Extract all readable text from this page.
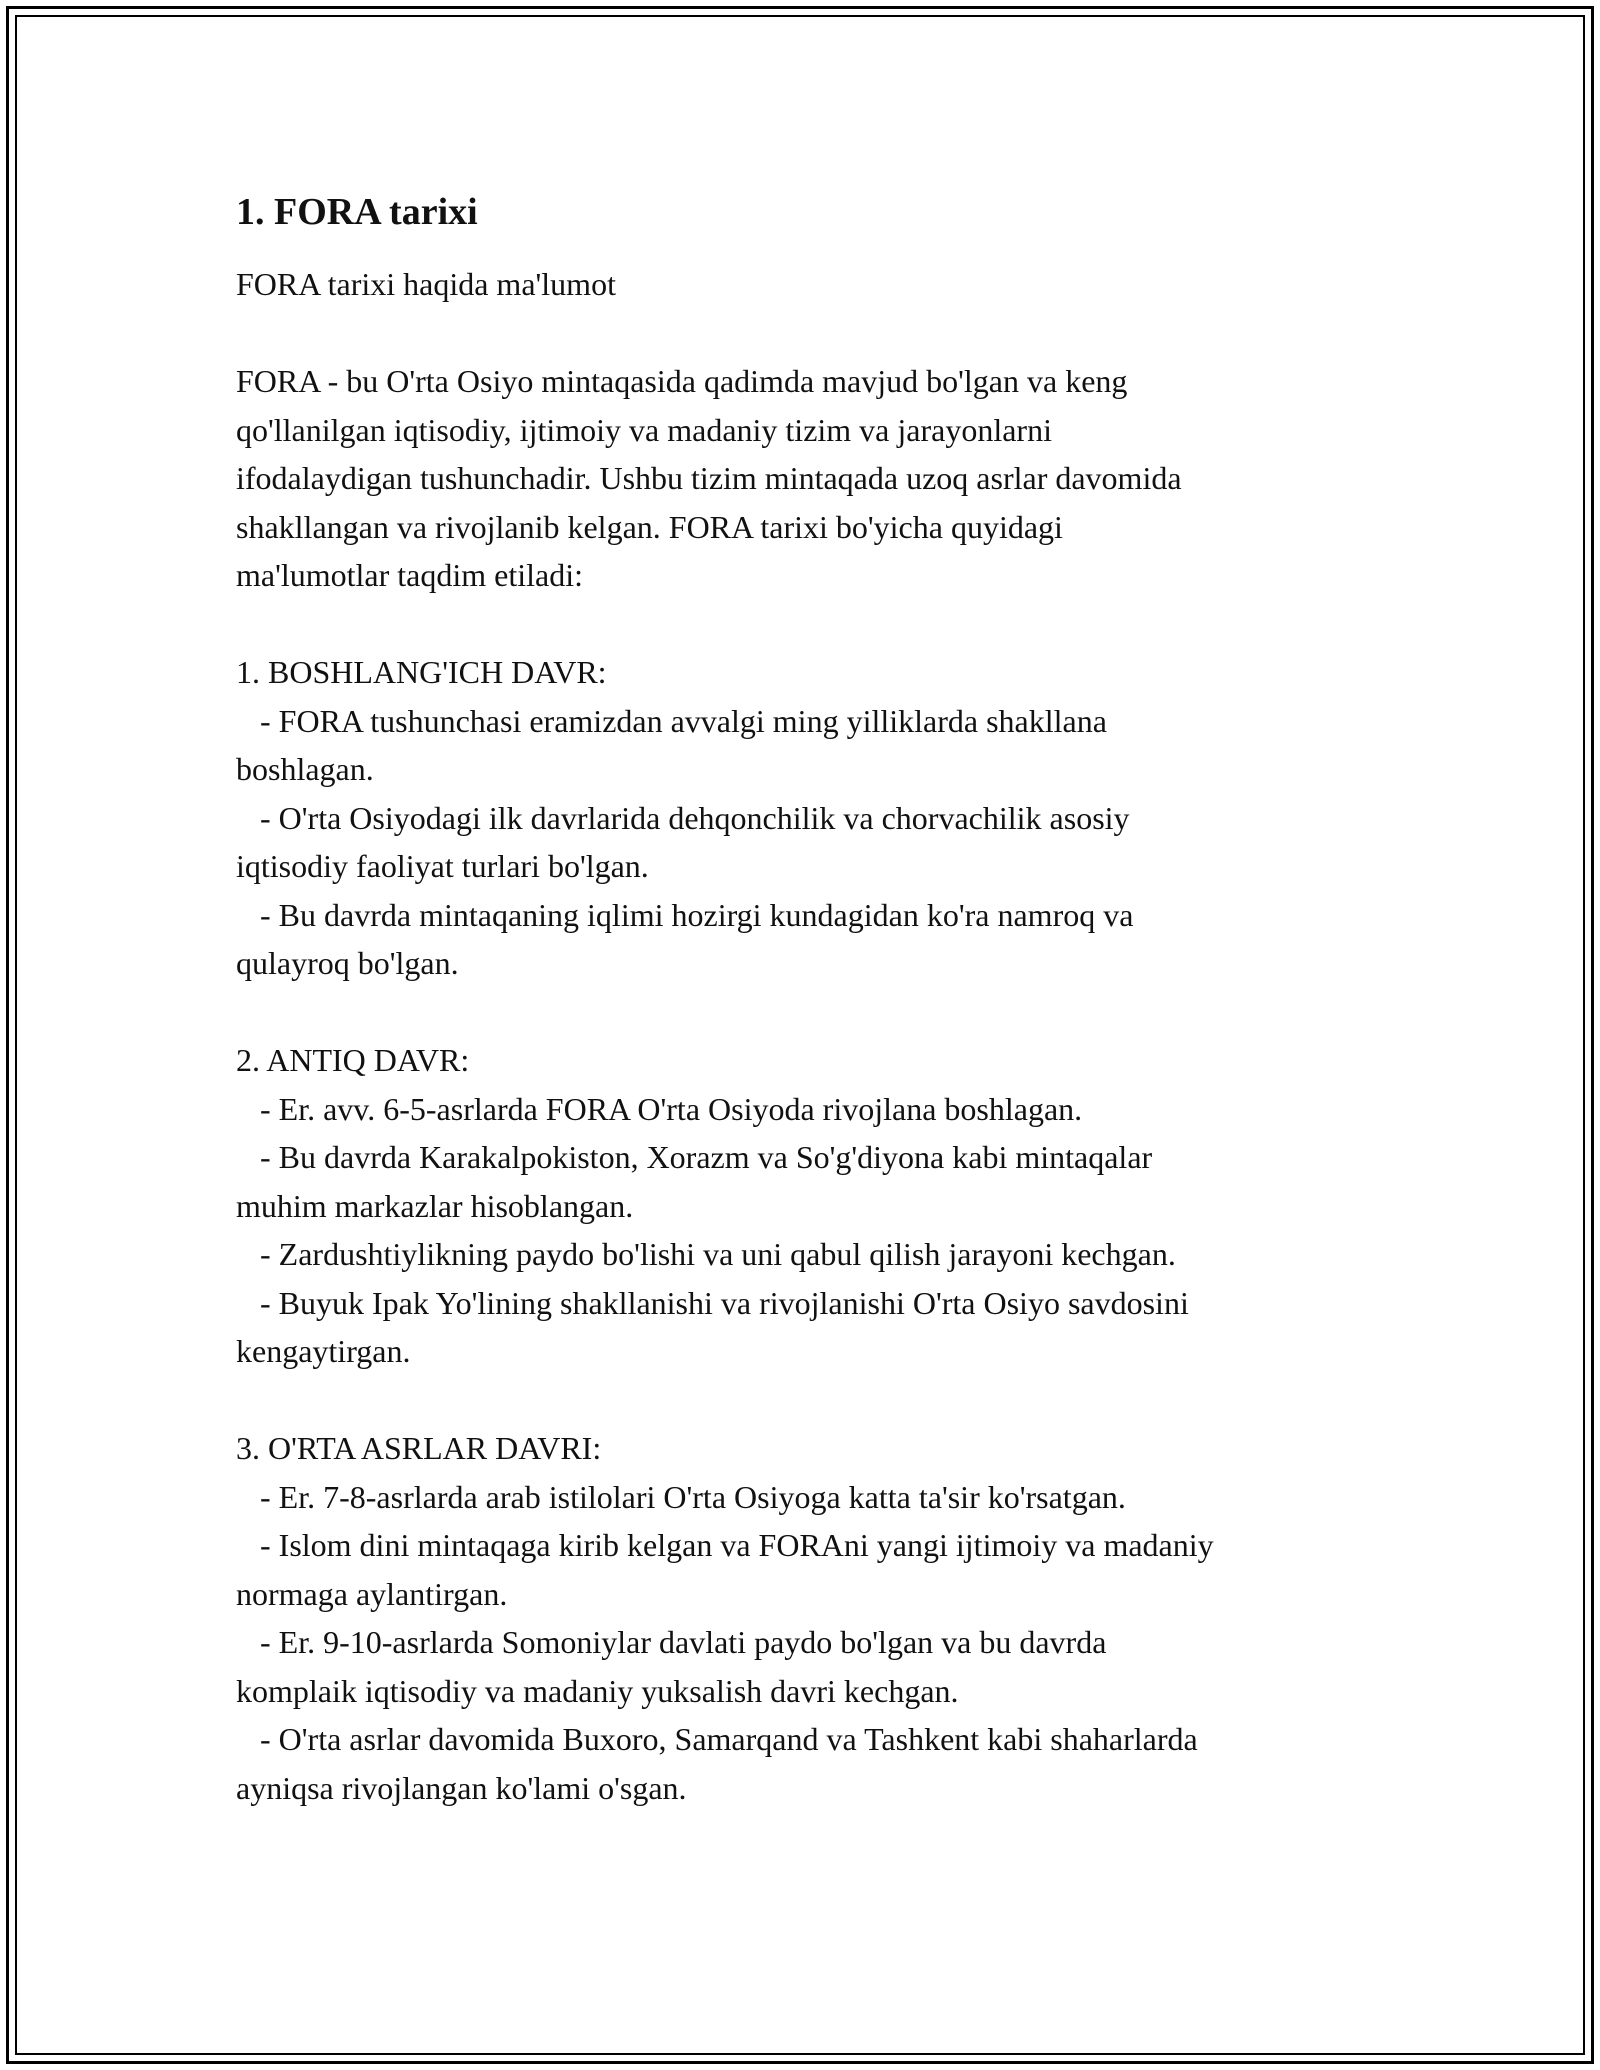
1. FORA tarixi

FORA tarixi haqida ma'lumot

FORA - bu O'rta Osiyo mintaqasida qadimda mavjud bo'lgan va keng

qo'llanilgan iqtisodiy, ijtimoiy va madaniy tizim va jarayonlarni

ifodalaydigan tushunchadir. Ushbu tizim mintaqada uzoq asrlar davomida

shakllangan va rivojlanib kelgan. FORA tarixi bo'yicha quyidagi

ma'lumotlar taqdim etiladi:

1. BOSHLANG'ICH DAVR:

- FORA tushunchasi eramizdan avvalgi ming yilliklarda shakllana

boshlagan.

- O'rta Osiyodagi ilk davrlarida dehqonchilik va chorvachilik asosiy

iqtisodiy faoliyat turlari bo'lgan.

- Bu davrda mintaqaning iqlimi hozirgi kundagidan ko'ra namroq va

qulayroq bo'lgan.

2. ANTIQ DAVR:

- Er. avv. 6-5-asrlarda FORA O'rta Osiyoda rivojlana boshlagan.

- Bu davrda Karakalpokiston, Xorazm va So'g'diyona kabi mintaqalar

muhim markazlar hisoblangan.

- Zardushtiylikning paydo bo'lishi va uni qabul qilish jarayoni kechgan.

- Buyuk Ipak Yo'lining shakllanishi va rivojlanishi O'rta Osiyo savdosini

kengaytirgan.

3. O'RTA ASRLAR DAVRI:

- Er. 7-8-asrlarda arab istilolari O'rta Osiyoga katta ta'sir ko'rsatgan.

- Islom dini mintaqaga kirib kelgan va FORAni yangi ijtimoiy va madaniy

normaga aylantirgan.

- Er. 9-10-asrlarda Somoniylar davlati paydo bo'lgan va bu davrda

komplaik iqtisodiy va madaniy yuksalish davri kechgan.

- O'rta asrlar davomida Buxoro, Samarqand va Tashkent kabi shaharlarda

ayniqsa rivojlangan ko'lami o'sgan.
